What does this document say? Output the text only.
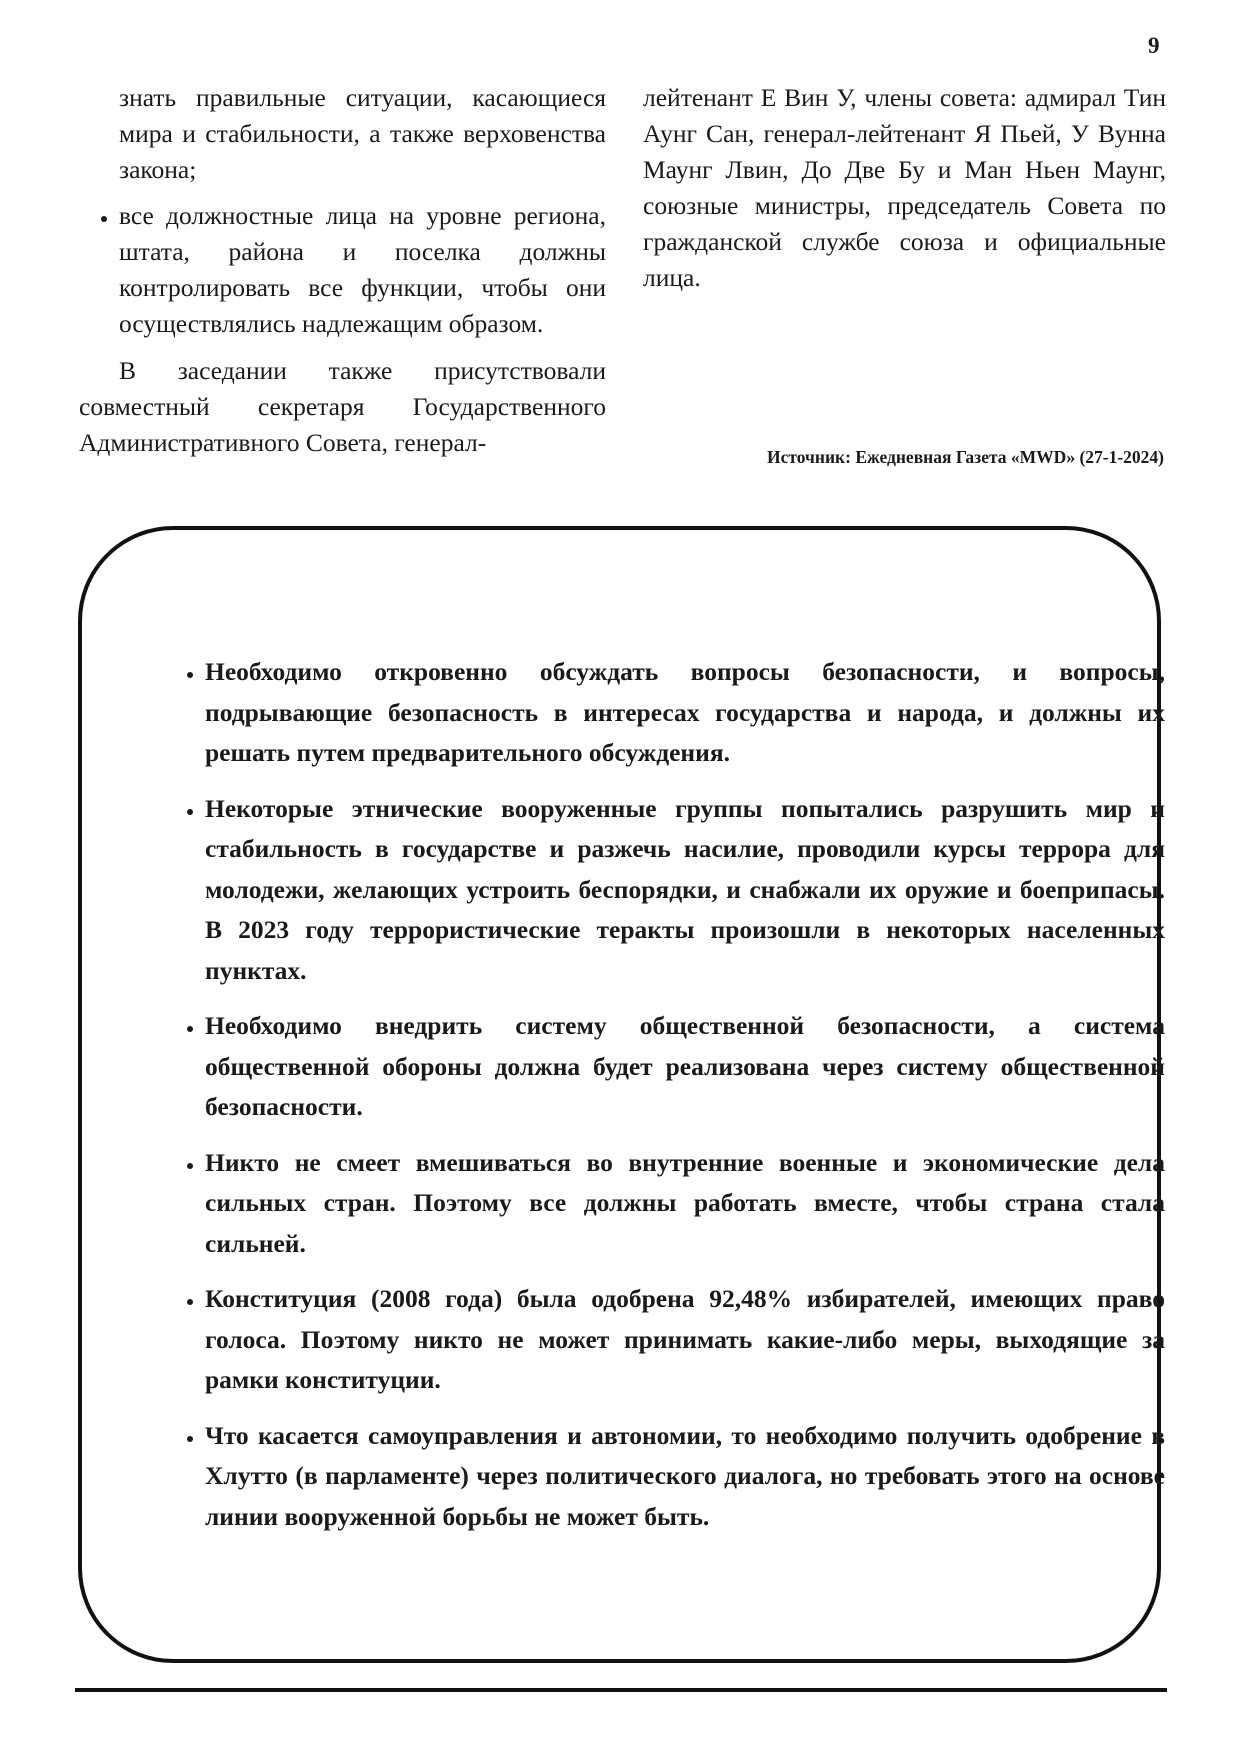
9

знать правильные ситуации, касающиеся мира и стабильности, а также верховенства закона;

• все должностные лица на уровне региона, штата, района и поселка должны контролировать все функции, чтобы они осуществлялись надлежащим образом.

В заседании также присутствовали совместный секретаря Государственного Административного Совета, генерал-

лейтенант Е Вин У, члены совета: адмирал Тин Аунг Сан, генерал-лейтенант Я Пьей, У Вунна Маунг Лвин, До Две Бу и Ман Ньен Маунг, союзные министры, председатель Совета по гражданской службе союза и официальные лица.

Источник: Ежедневная Газета «MWD» (27-1-2024)
• Необходимо откровенно обсуждать вопросы безопасности, и вопросы, подрывающие безопасность в интересах государства и народа, и должны их решать путем предварительного обсуждения.
• Некоторые этнические вооруженные группы попытались разрушить мир и стабильность в государстве и разжечь насилие, проводили курсы террора для молодежи, желающих устроить беспорядки, и снабжали их оружие и боеприпасы. В 2023 году террористические теракты произошли в некоторых населенных пунктах.
• Необходимо внедрить систему общественной безопасности, а система общественной обороны должна будет реализована через систему общественной безопасности.
• Никто не смеет вмешиваться во внутренние военные и экономические дела сильных стран. Поэтому все должны работать вместе, чтобы страна стала сильней.
• Конституция (2008 года) была одобрена 92,48% избирателей, имеющих право голоса. Поэтому никто не может принимать какие-либо меры, выходящие за рамки конституции.
• Что касается самоуправления и автономии, то необходимо получить одобрение в Хлутто (в парламенте) через политического диалога, но требовать этого на основе линии вооруженной борьбы не может быть.
